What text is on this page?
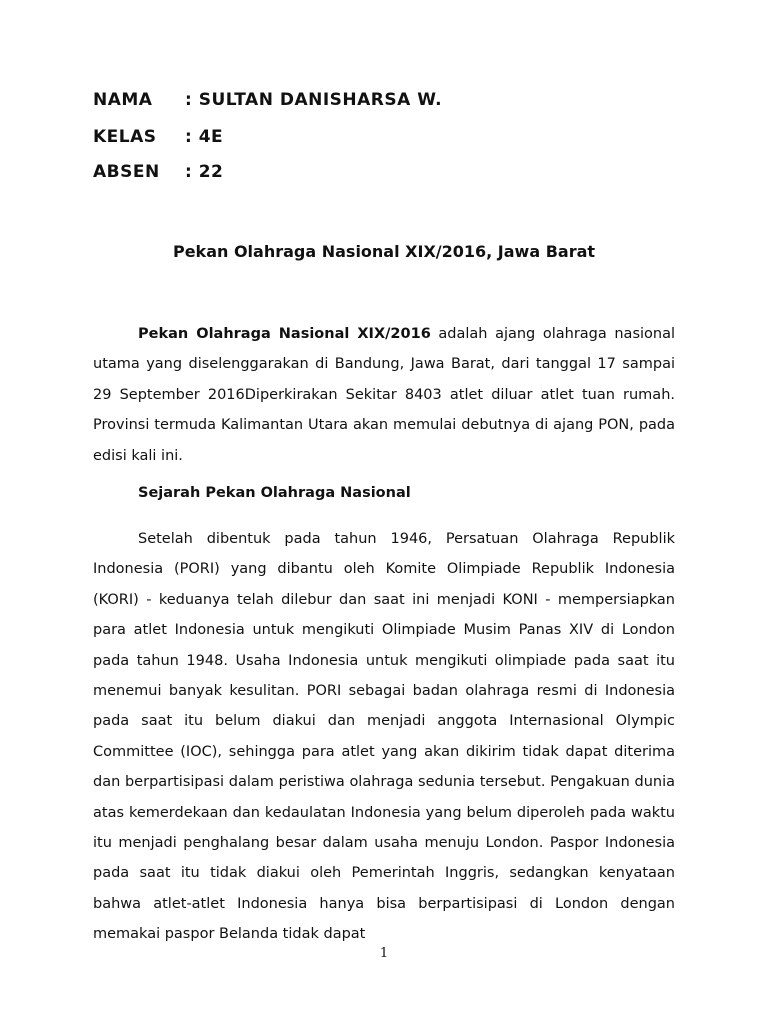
NAMA : SULTAN DANISHARSA W.
KELAS : 4E
ABSEN : 22
Pekan Olahraga Nasional XIX/2016, Jawa Barat

Pekan Olahraga Nasional XIX/2016 adalah ajang olahraga nasional utama yang diselenggarakan di Bandung, Jawa Barat, dari tanggal 17 sampai 29 September 2016Diperkirakan Sekitar 8403 atlet diluar atlet tuan rumah. Provinsi termuda Kalimantan Utara akan memulai debutnya di ajang PON, pada edisi kali ini.

Sejarah Pekan Olahraga Nasional

Setelah dibentuk pada tahun 1946, Persatuan Olahraga Republik Indonesia (PORI) yang dibantu oleh Komite Olimpiade Republik Indonesia (KORI) - keduanya telah dilebur dan saat ini menjadi KONI - mempersiapkan para atlet Indonesia untuk mengikuti Olimpiade Musim Panas XIV di London pada tahun 1948. Usaha Indonesia untuk mengikuti olimpiade pada saat itu menemui banyak kesulitan. PORI sebagai badan olahraga resmi di Indonesia pada saat itu belum diakui dan menjadi anggota Internasional Olympic Committee (IOC), sehingga para atlet yang akan dikirim tidak dapat diterima dan berpartisipasi dalam peristiwa olahraga sedunia tersebut. Pengakuan dunia atas kemerdekaan dan kedaulatan Indonesia yang belum diperoleh pada waktu itu menjadi penghalang besar dalam usaha menuju London. Paspor Indonesia pada saat itu tidak diakui oleh Pemerintah Inggris, sedangkan kenyataan bahwa atlet-atlet Indonesia hanya bisa berpartisipasi di London dengan memakai paspor Belanda tidak dapat

1
